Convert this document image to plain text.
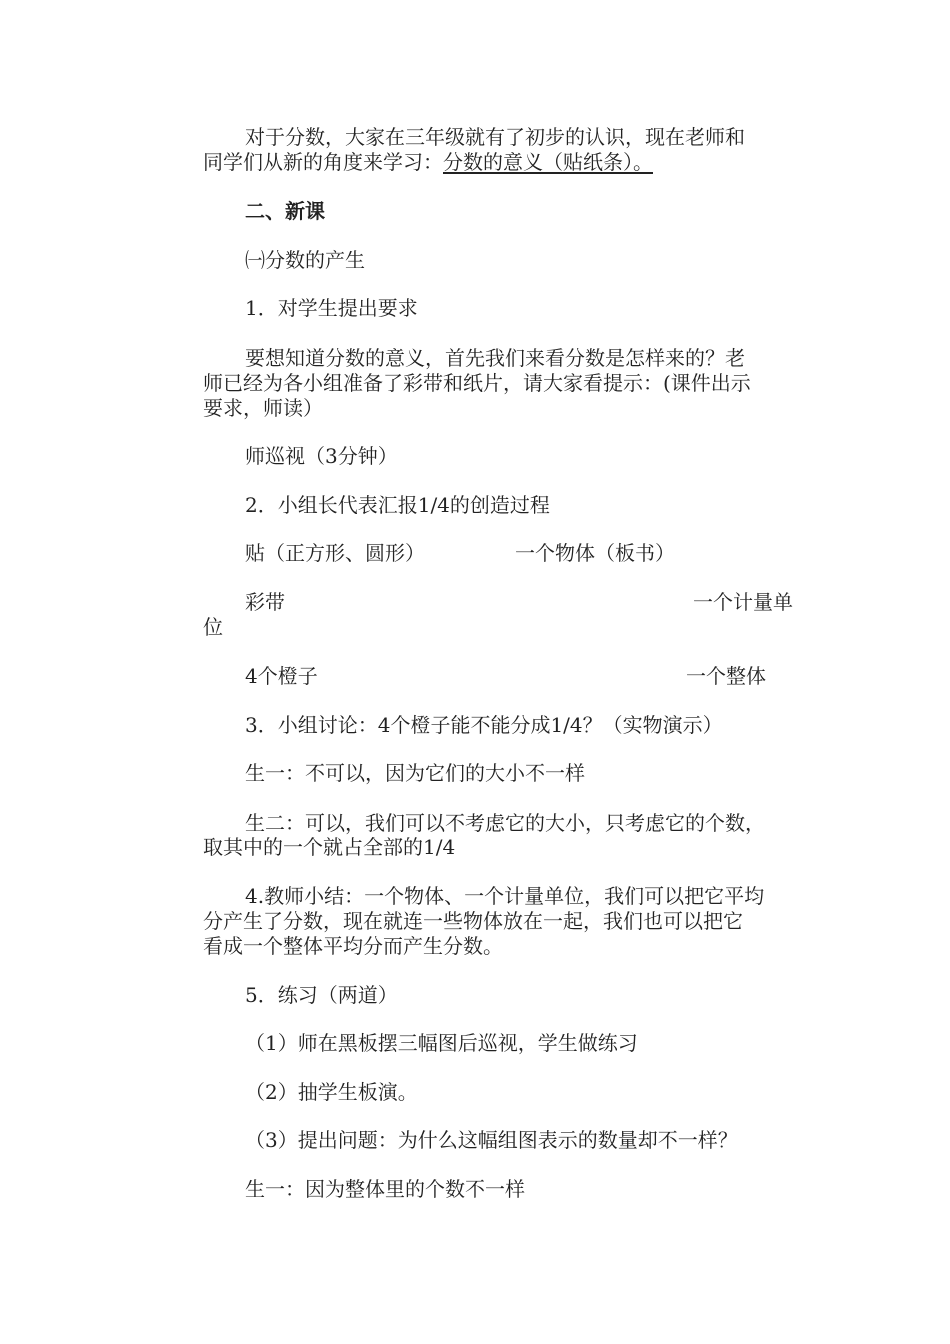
对于分数，大家在三年级就有了初步的认识，现在老师和
同学们从新的角度来学习：分数的意义（贴纸条）。
二、新课
㈠分数的产生
1．对学生提出要求
要想知道分数的意义，首先我们来看分数是怎样来的？老
师已经为各小组准备了彩带和纸片，请大家看提示：(课件出示
要求，师读）
师巡视（3分钟）
2．小组长代表汇报1/4的创造过程
贴（正方形、圆形）	一个物体（板书）
彩带	一个计量单
位
4个橙子	一个整体
3．小组讨论：4个橙子能不能分成1/4？（实物演示）
生一：不可以，因为它们的大小不一样
生二：可以，我们可以不考虑它的大小，只考虑它的个数，
取其中的一个就占全部的1/4
4.教师小结：一个物体、一个计量单位，我们可以把它平均
分产生了分数，现在就连一些物体放在一起，我们也可以把它
看成一个整体平均分而产生分数。
5．练习（两道）
（1）师在黑板摆三幅图后巡视，学生做练习
（2）抽学生板演。
（3）提出问题：为什么这幅组图表示的数量却不一样？
生一：因为整体里的个数不一样
